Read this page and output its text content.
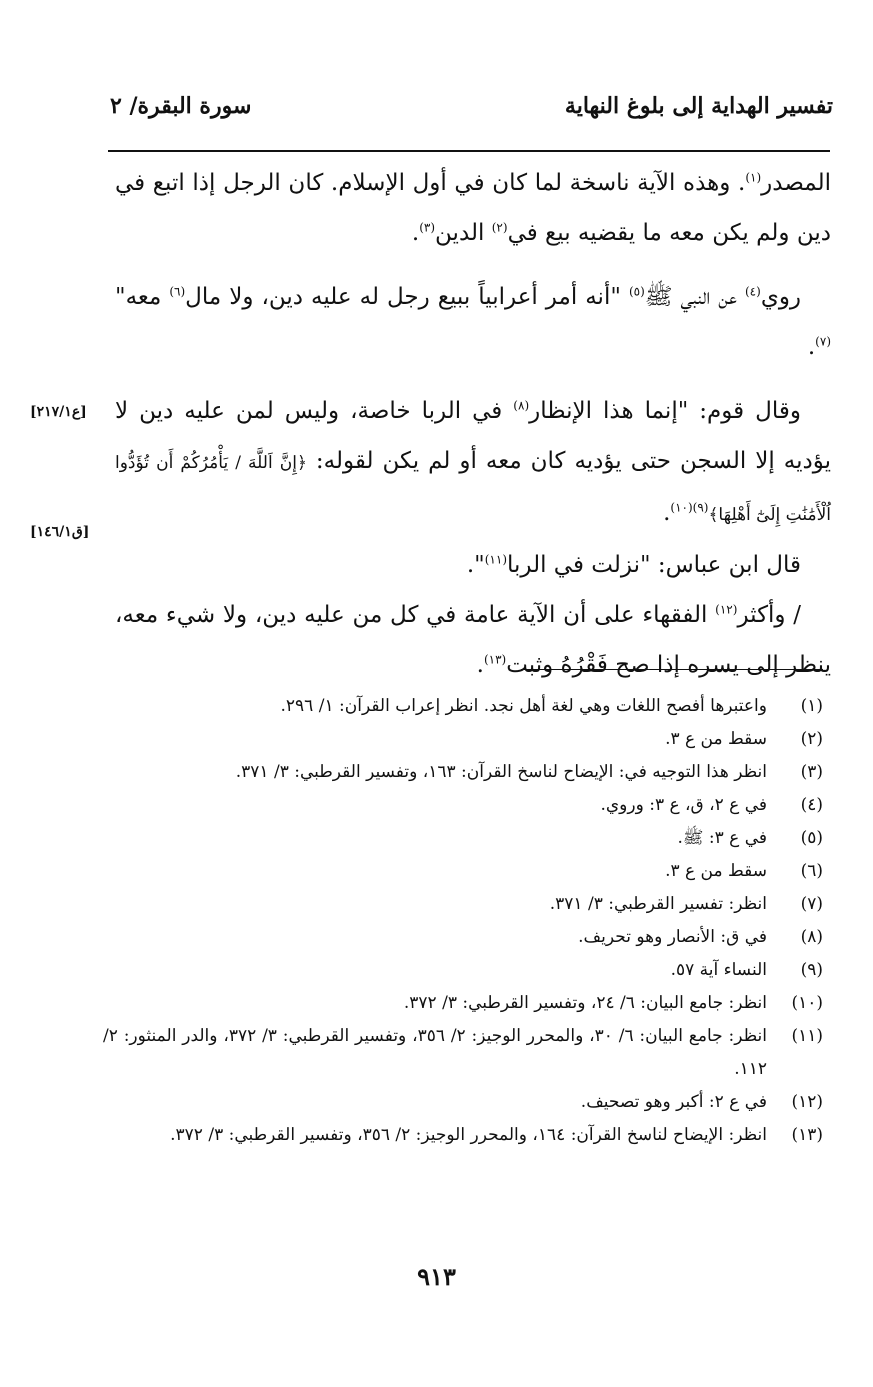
تفسير الهداية إلى بلوغ النهاية
سورة البقرة/ ٢

المصدر$^{(١)}$. وهذه الآية ناسخة لما كان في أول الإسلام. كان الرجل إذا اتبع في دين ولم يكن معه ما يقضيه بيع في$^{(٢)}$ الدين$^{(٣)}$.

روي$^{(٤)}$ عن النبي ﷺ$^{(٥)}$ "أنه أمر أعرابياً ببيع رجل له عليه دين، ولا مال$^{(٦)}$ معه"$^{(٧)}$.

وقال قوم: "إنما هذا الإنظار$^{(٨)}$ في الربا خاصة، وليس لمن عليه دين لا يؤديه إلا السجن حتى يؤديه كان معه أو لم يكن لقوله: ﴿إِنَّ اَللَّهَ / يَأْمُرُكُمْ أَن تُؤَدُّوا اُلْأَمَٰنَٰتِ إِلَىٰٓ أَهْلِهَا﴾$^{(٩)(١٠)}$.

قال ابن عباس: "نزلت في الربا$^{(١١)}$".

/ وأكثر$^{(١٢)}$ الفقهاء على أن الآية عامة في كل من عليه دين، ولا شيء معه، ينظر إلى يسره إذا صح فَقْرُهُ وثبت$^{(١٣)}$.

[ع٢١٧/١]
[ق١٤٦/١]
(١)
واعتبرها أفصح اللغات وهي لغة أهل نجد. انظر إعراب القرآن: ١/ ٢٩٦.
(٢)
سقط من ع ٣.
(٣)
انظر هذا التوجيه في: الإيضاح لناسخ القرآن: ١٦٣، وتفسير القرطبي: ٣/ ٣٧١.
(٤)
في ع ٢، ق، ع ٣: وروي.
(٥)
في ع ٣: ﷺ.
(٦)
سقط من ع ٣.
(٧)
انظر: تفسير القرطبي: ٣/ ٣٧١.
(٨)
في ق: الأنصار وهو تحريف.
(٩)
النساء آية ٥٧.
(١٠)
انظر: جامع البيان: ٦/ ٢٤، وتفسير القرطبي: ٣/ ٣٧٢.
(١١)
انظر: جامع البيان: ٦/ ٣٠، والمحرر الوجيز: ٢/ ٣٥٦، وتفسير القرطبي: ٣/ ٣٧٢، والدر المنثور: ٢/ ١١٢.
(١٢)
في ع ٢: أكبر وهو تصحيف.
(١٣)
انظر: الإيضاح لناسخ القرآن: ١٦٤، والمحرر الوجيز: ٢/ ٣٥٦، وتفسير القرطبي: ٣/ ٣٧٢.
٩١٣
